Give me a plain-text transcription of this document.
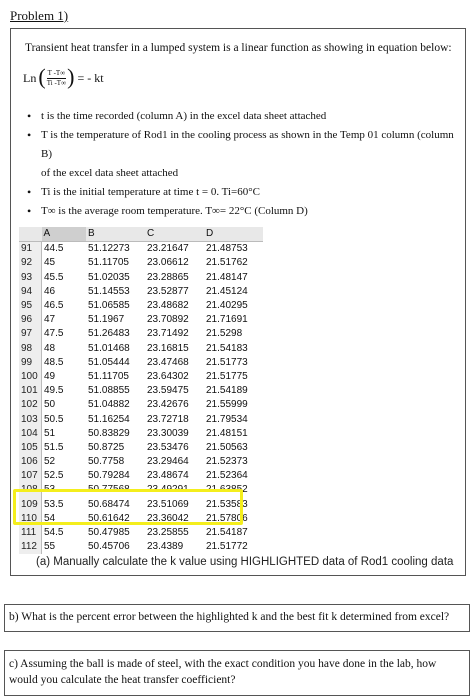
Problem 1)
Transient heat transfer in a lumped system is a linear function as showing in equation below:
Ln ( $\frac{T -T\infty}{Ti -T\infty}$ ) = - kt
• t is the time recorded (column A) in the excel data sheet attached
• T is the temperature of Rod1 in the cooling process as shown in the Temp 01 column (column B)
of the excel data sheet attached
• Ti is the initial temperature at time t = 0. Ti=60°C
• T∞ is the average room temperature. T∞= 22°C (Column D)
	A	B	C	D
91	44.5	51.12273	23.21647	21.48753
92	45	51.11705	23.06612	21.51762
93	45.5	51.02035	23.28865	21.48147
94	46	51.14553	23.52877	21.45124
95	46.5	51.06585	23.48682	21.40295
96	47	51.1967	23.70892	21.71691
97	47.5	51.26483	23.71492	21.5298
98	48	51.01468	23.16815	21.54183
99	48.5	51.05444	23.47468	21.51773
100	49	51.11705	23.64302	21.51775
101	49.5	51.08855	23.59475	21.54189
102	50	51.04882	23.42676	21.55999
103	50.5	51.16254	23.72718	21.79534
104	51	50.83829	23.30039	21.48151
105	51.5	50.8725	23.53476	21.50563
106	52	50.7758	23.29464	21.52373
107	52.5	50.79284	23.48674	21.52364
108	53	50.77568	23.49291	21.63852
109	53.5	50.68474	23.51069	21.53583
110	54	50.61642	23.36042	21.57806
111	54.5	50.47985	23.25855	21.54187
112	55	50.45706	23.4389	21.51772
(a) Manually calculate the k value using HIGHLIGHTED data of Rod1 cooling data
b) What is the percent error between the highlighted k and the best fit k determined from excel?
c) Assuming the ball is made of steel, with the exact condition you have done in the lab, how would you calculate the heat transfer coefficient?
